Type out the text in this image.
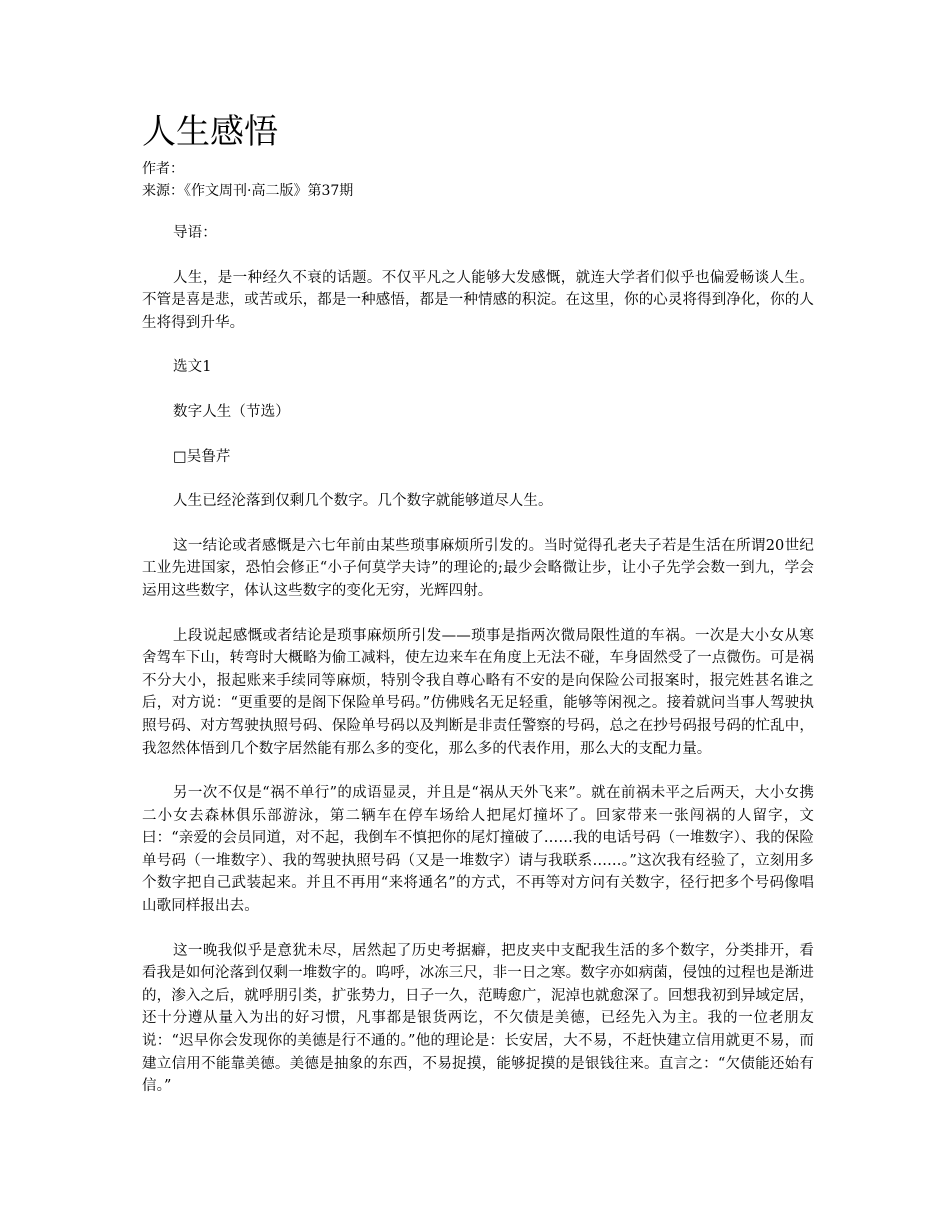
人生感悟

作者：

来源：《作文周刊·高二版》第37期

导语：

人生，是一种经久不衰的话题。不仅平凡之人能够大发感慨，就连大学者们似乎也偏爱畅谈人生。不管是喜是悲，或苦或乐，都是一种感悟，都是一种情感的积淀。在这里，你的心灵将得到净化，你的人生将得到升华。

选文1

数字人生（节选）

□吴鲁芹

人生已经沦落到仅剩几个数字。几个数字就能够道尽人生。

这一结论或者感慨是六七年前由某些琐事麻烦所引发的。当时觉得孔老夫子若是生活在所谓20世纪工业先进国家，恐怕会修正“小子何莫学夫诗”的理论的;最少会略微让步，让小子先学会数一到九，学会运用这些数字，体认这些数字的变化无穷，光辉四射。

上段说起感慨或者结论是琐事麻烦所引发——琐事是指两次微局限性道的车祸。一次是大小女从寒舍驾车下山，转弯时大概略为偷工减料，使左边来车在角度上无法不碰，车身固然受了一点微伤。可是祸不分大小，报起账来手续同等麻烦，特别令我自尊心略有不安的是向保险公司报案时，报完姓甚名谁之后，对方说：“更重要的是阁下保险单号码。”仿佛贱名无足轻重，能够等闲视之。接着就问当事人驾驶执照号码、对方驾驶执照号码、保险单号码以及判断是非责任警察的号码，总之在抄号码报号码的忙乱中，我忽然体悟到几个数字居然能有那么多的变化，那么多的代表作用，那么大的支配力量。

另一次不仅是“祸不单行”的成语显灵，并且是“祸从天外飞来”。就在前祸未平之后两天，大小女携二小女去森林俱乐部游泳，第二辆车在停车场给人把尾灯撞坏了。回家带来一张闯祸的人留字，文曰：“亲爱的会员同道，对不起，我倒车不慎把你的尾灯撞破了……我的电话号码（一堆数字）、我的保险单号码（一堆数字）、我的驾驶执照号码（又是一堆数字）请与我联系……。”这次我有经验了，立刻用多个数字把自己武装起来。并且不再用“来将通名”的方式，不再等对方问有关数字，径行把多个号码像唱山歌同样报出去。

这一晚我似乎是意犹未尽，居然起了历史考据癖，把皮夹中支配我生活的多个数字，分类排开，看看我是如何沦落到仅剩一堆数字的。呜呼，冰冻三尺，非一日之寒。数字亦如病菌，侵蚀的过程也是渐进的，渗入之后，就呼朋引类，扩张势力，日子一久，范畴愈广，泥淖也就愈深了。回想我初到异域定居，还十分遵从量入为出的好习惯，凡事都是银货两讫，不欠债是美德，已经先入为主。我的一位老朋友说：“迟早你会发现你的美德是行不通的。”他的理论是：长安居，大不易，不赶快建立信用就更不易，而建立信用不能靠美德。美德是抽象的东西，不易捉摸，能够捉摸的是银钱往来。直言之：“欠债能还始有信。”
